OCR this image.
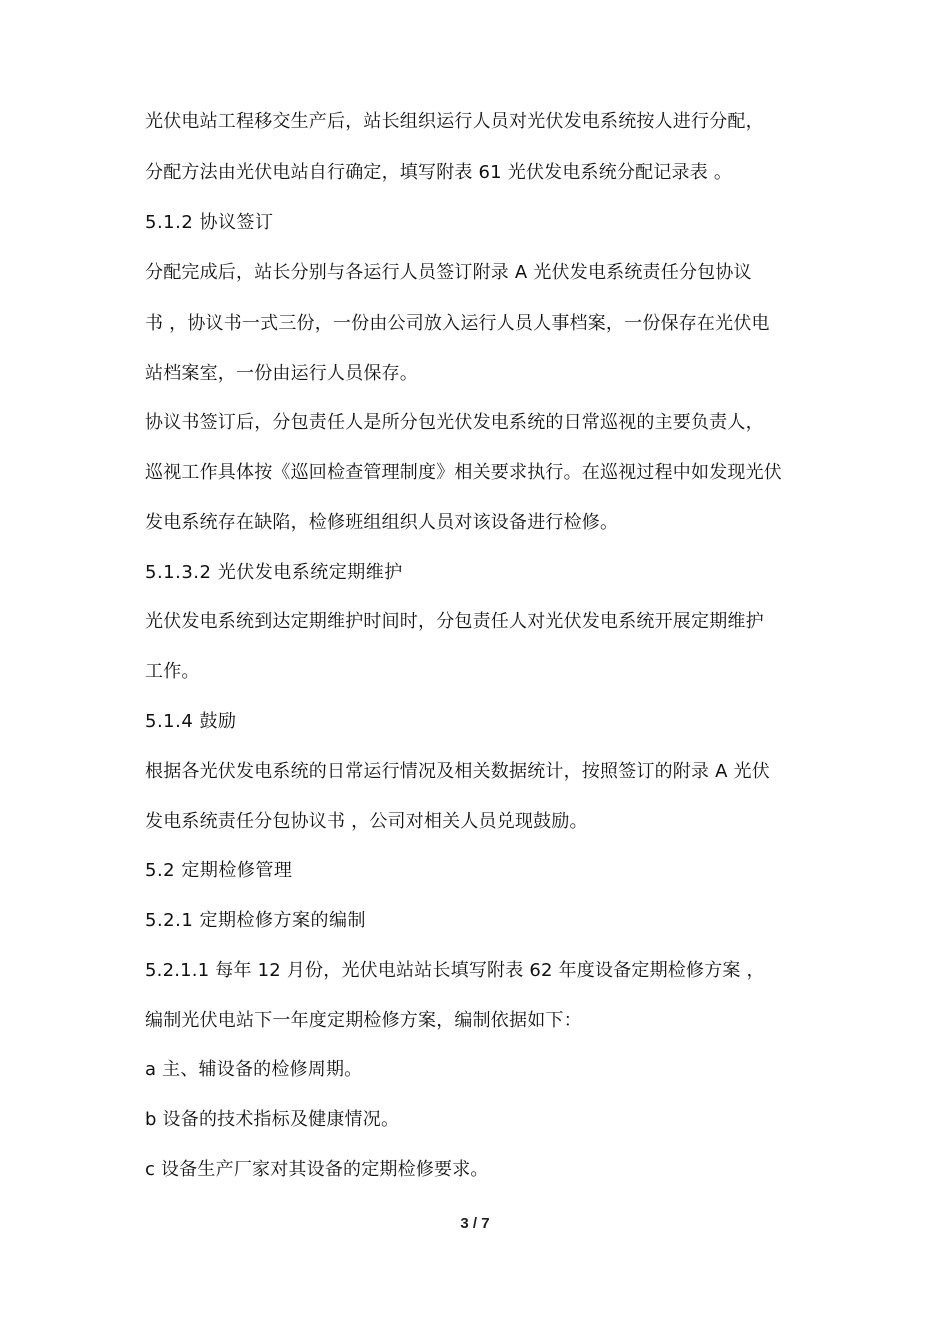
光伏电站工程移交生产后，站长组织运行人员对光伏发电系统按人进行分配，
分配方法由光伏电站自行确定，填写附表 61 光伏发电系统分配记录表 。
5.1.2 协议签订
分配完成后，站长分别与各运行人员签订附录 A 光伏发电系统责任分包协议
书 ，协议书一式三份，一份由公司放入运行人员人事档案，一份保存在光伏电
站档案室，一份由运行人员保存。
协议书签订后，分包责任人是所分包光伏发电系统的日常巡视的主要负责人，
巡视工作具体按《巡回检查管理制度》相关要求执行。在巡视过程中如发现光伏
发电系统存在缺陷，检修班组组织人员对该设备进行检修。
5.1.3.2 光伏发电系统定期维护
光伏发电系统到达定期维护时间时，分包责任人对光伏发电系统开展定期维护
工作。
5.1.4 鼓励
根据各光伏发电系统的日常运行情况及相关数据统计，按照签订的附录 A 光伏
发电系统责任分包协议书 ，公司对相关人员兑现鼓励。
5.2 定期检修管理
5.2.1 定期检修方案的编制
5.2.1.1 每年 12 月份，光伏电站站长填写附表 62 年度设备定期检修方案 ，
编制光伏电站下一年度定期检修方案，编制依据如下：
a 主、辅设备的检修周期。
b 设备的技术指标及健康情况。
c 设备生产厂家对其设备的定期检修要求。
3 / 7
